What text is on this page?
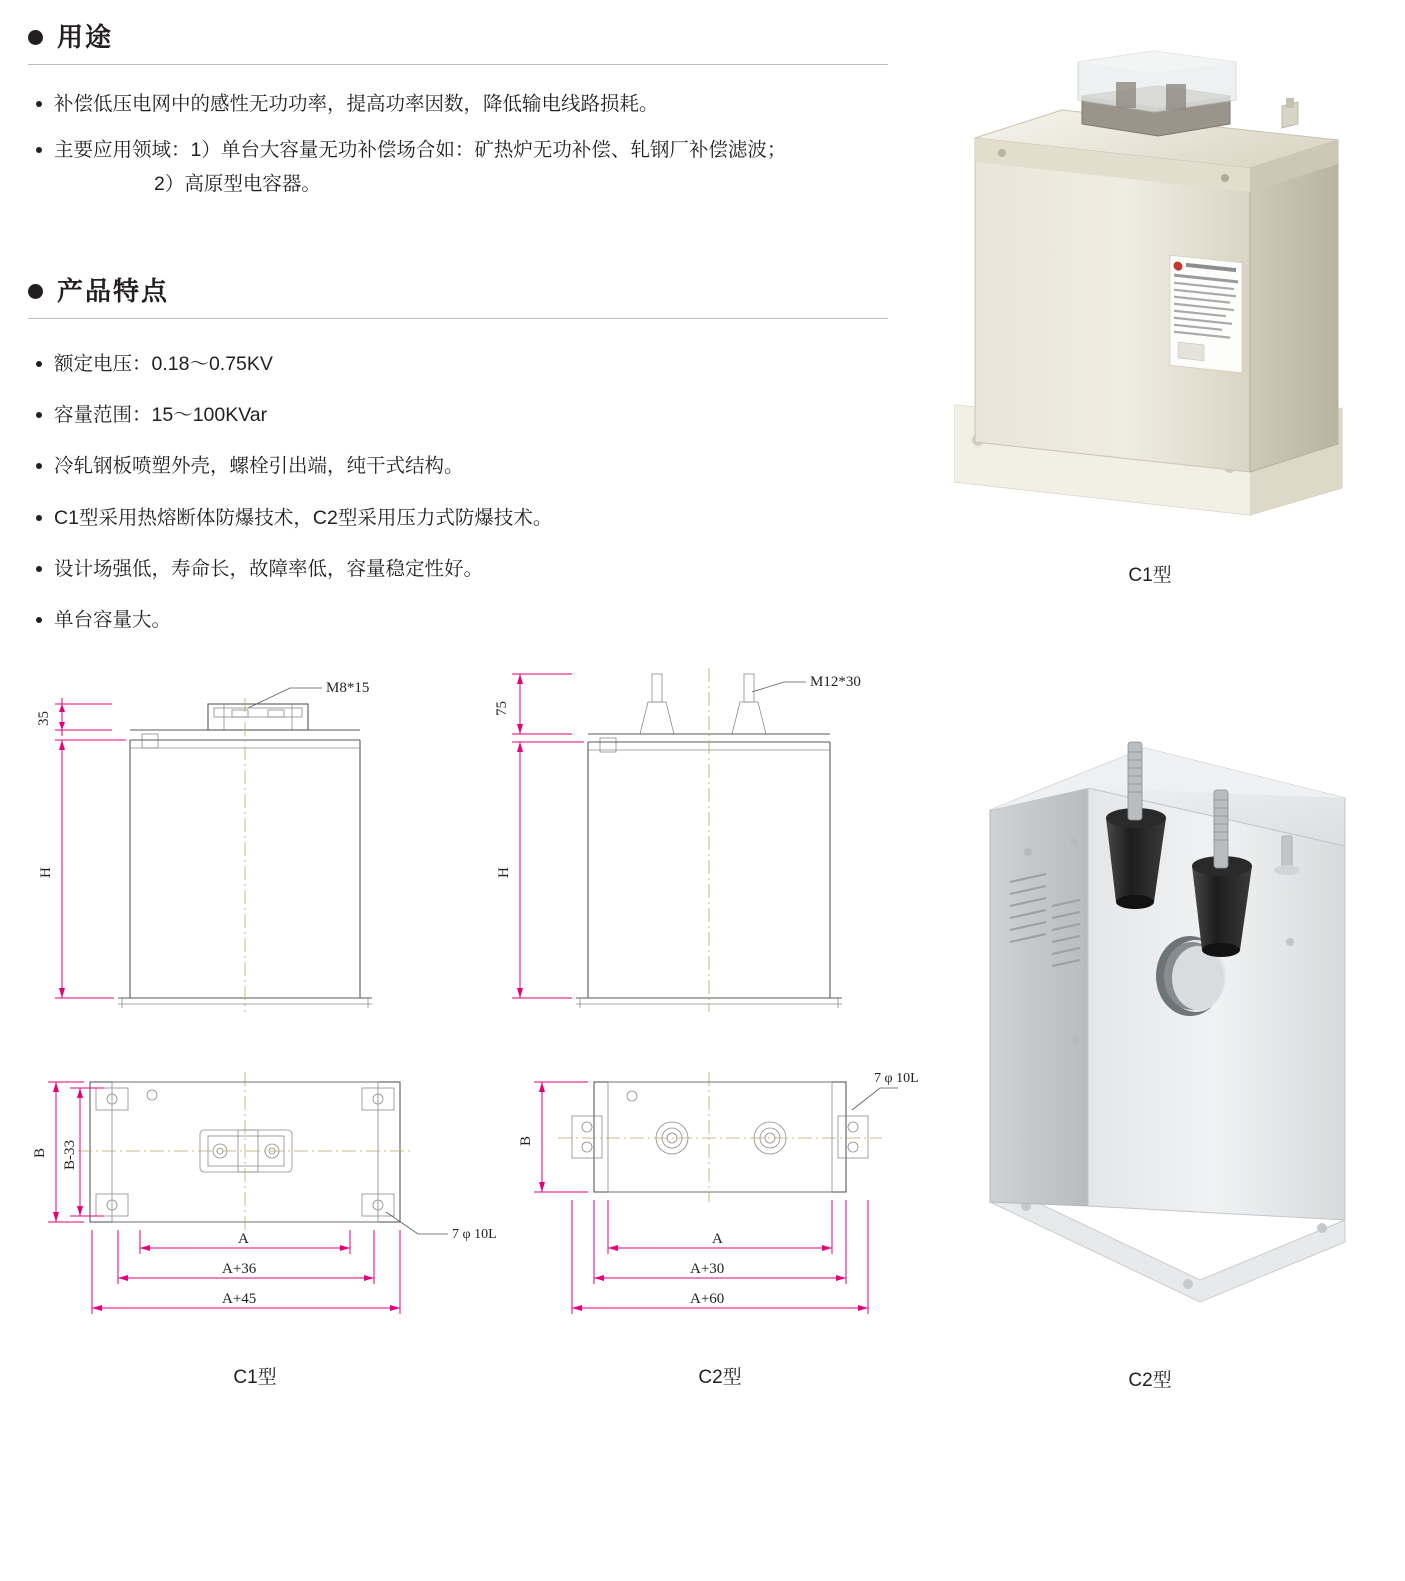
用途
补偿低压电网中的感性无功功率，提高功率因数，降低输电线路损耗。
主要应用领域：1）单台大容量无功补偿场合如：矿热炉无功补偿、轧钢厂补偿滤波；
2）高原型电容器。
产品特点
额定电压：0.18～0.75KV
容量范围：15～100KVar
冷轧钢板喷塑外壳，螺栓引出端，纯干式结构。
C1型采用热熔断体防爆技术，C2型采用压力式防爆技术。
设计场强低，寿命长，故障率低，容量稳定性好。
单台容量大。
C1型
C2型
M8*15
35
H
7 φ 10L
B B-33
A
A+36
A+45
M12*30
75
H
7 φ 10L
B
A
A+30
A+60
C1型	C2型
